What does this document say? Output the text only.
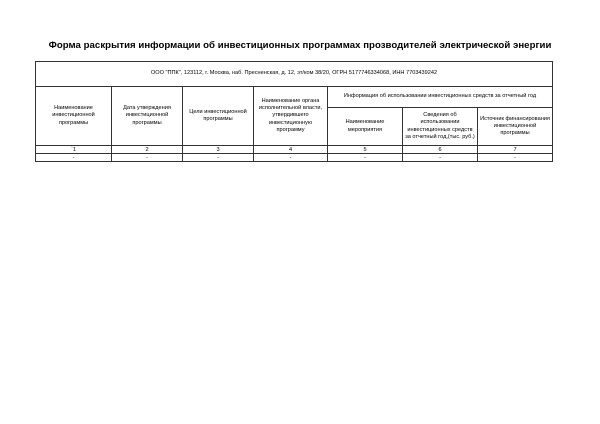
Форма раскрытия информации об инвестиционных программах прозводителей электрической энергии
ООО "ППК", 123112, г. Москва, наб. Пресненская, д. 12, эт/ком 38/20, ОГРН 5177746334068, ИНН 7703439242						
Наименование инвестиционной программы	Дата утверждения инвестиционной программы	Цели инвестиционной программы	Наименование органа исполнительной власти, утвердившего инвестиционную программу	Информация об использовании инвестиционных средств за отчетный год		
				Наименование мероприятия	Сведения об использовании инвестиционных средств за отчетный год,(тыс. руб.)	Источник финансирования инвестиционной программы
`1	2	3	4	5	6	7
-	-	-	-	-	-	-
